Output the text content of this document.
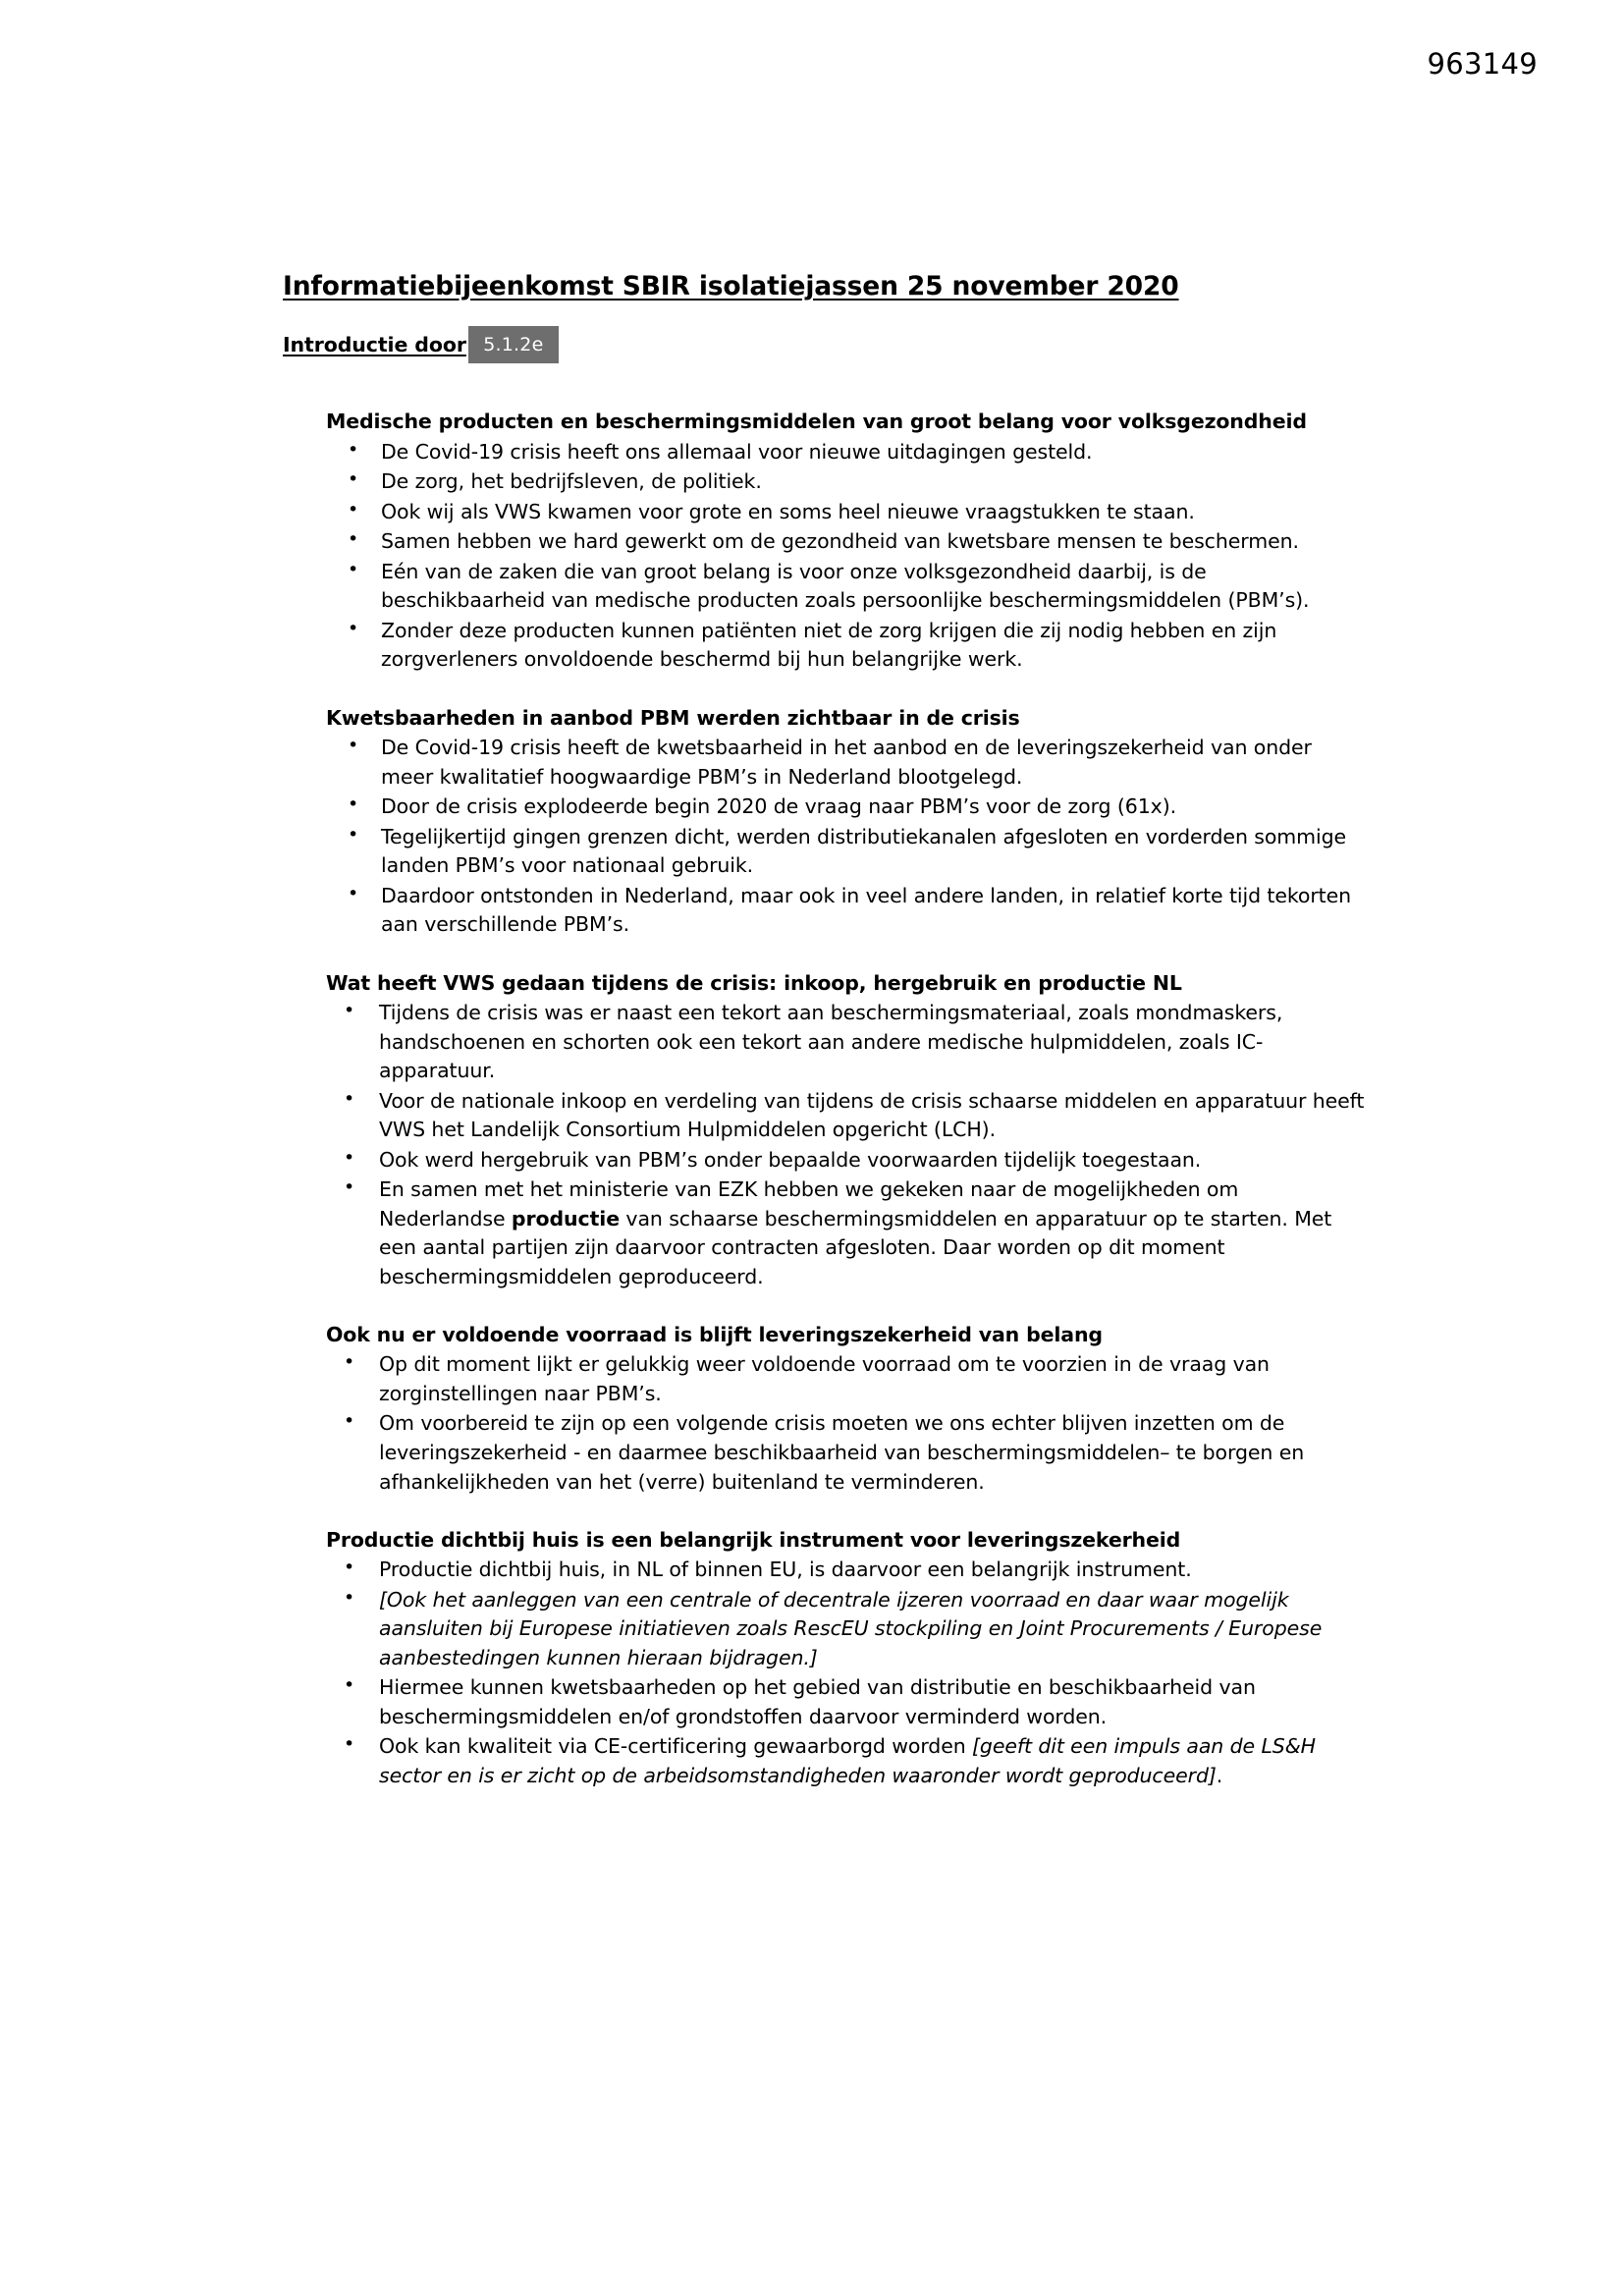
963149
Informatiebijeenkomst SBIR isolatiejassen 25 november 2020
Introductie door 5.1.2e
Medische producten en beschermingsmiddelen van groot belang voor volksgezondheid
• De Covid-19 crisis heeft ons allemaal voor nieuwe uitdagingen gesteld.
• De zorg, het bedrijfsleven, de politiek.
• Ook wij als VWS kwamen voor grote en soms heel nieuwe vraagstukken te staan.
• Samen hebben we hard gewerkt om de gezondheid van kwetsbare mensen te beschermen.
• Eén van de zaken die van groot belang is voor onze volksgezondheid daarbij, is de beschikbaarheid van medische producten zoals persoonlijke beschermingsmiddelen (PBM’s).
• Zonder deze producten kunnen patiënten niet de zorg krijgen die zij nodig hebben en zijn zorgverleners onvoldoende beschermd bij hun belangrijke werk.
Kwetsbaarheden in aanbod PBM werden zichtbaar in de crisis
• De Covid-19 crisis heeft de kwetsbaarheid in het aanbod en de leveringszekerheid van onder meer kwalitatief hoogwaardige PBM’s in Nederland blootgelegd.
• Door de crisis explodeerde begin 2020 de vraag naar PBM’s voor de zorg (61x).
• Tegelijkertijd gingen grenzen dicht, werden distributiekanalen afgesloten en vorderden sommige landen PBM’s voor nationaal gebruik.
• Daardoor ontstonden in Nederland, maar ook in veel andere landen, in relatief korte tijd tekorten aan verschillende PBM’s.
Wat heeft VWS gedaan tijdens de crisis: inkoop, hergebruik en productie NL
• Tijdens de crisis was er naast een tekort aan beschermingsmateriaal, zoals mondmaskers, handschoenen en schorten ook een tekort aan andere medische hulpmiddelen, zoals IC-apparatuur.
• Voor de nationale inkoop en verdeling van tijdens de crisis schaarse middelen en apparatuur heeft VWS het Landelijk Consortium Hulpmiddelen opgericht (LCH).
• Ook werd hergebruik van PBM’s onder bepaalde voorwaarden tijdelijk toegestaan.
• En samen met het ministerie van EZK hebben we gekeken naar de mogelijkheden om Nederlandse productie van schaarse beschermingsmiddelen en apparatuur op te starten. Met een aantal partijen zijn daarvoor contracten afgesloten. Daar worden op dit moment beschermingsmiddelen geproduceerd.
Ook nu er voldoende voorraad is blijft leveringszekerheid van belang
• Op dit moment lijkt er gelukkig weer voldoende voorraad om te voorzien in de vraag van zorginstellingen naar PBM’s.
• Om voorbereid te zijn op een volgende crisis moeten we ons echter blijven inzetten om de leveringszekerheid - en daarmee beschikbaarheid van beschermingsmiddelen– te borgen en afhankelijkheden van het (verre) buitenland te verminderen.
Productie dichtbij huis is een belangrijk instrument voor leveringszekerheid
• Productie dichtbij huis, in NL of binnen EU, is daarvoor een belangrijk instrument.
• [Ook het aanleggen van een centrale of decentrale ijzeren voorraad en daar waar mogelijk aansluiten bij Europese initiatieven zoals RescEU stockpiling en Joint Procurements / Europese aanbestedingen kunnen hieraan bijdragen.]
• Hiermee kunnen kwetsbaarheden op het gebied van distributie en beschikbaarheid van beschermingsmiddelen en/of grondstoffen daarvoor verminderd worden.
• Ook kan kwaliteit via CE-certificering gewaarborgd worden [geeft dit een impuls aan de LS&H sector en is er zicht op de arbeidsomstandigheden waaronder wordt geproduceerd].
